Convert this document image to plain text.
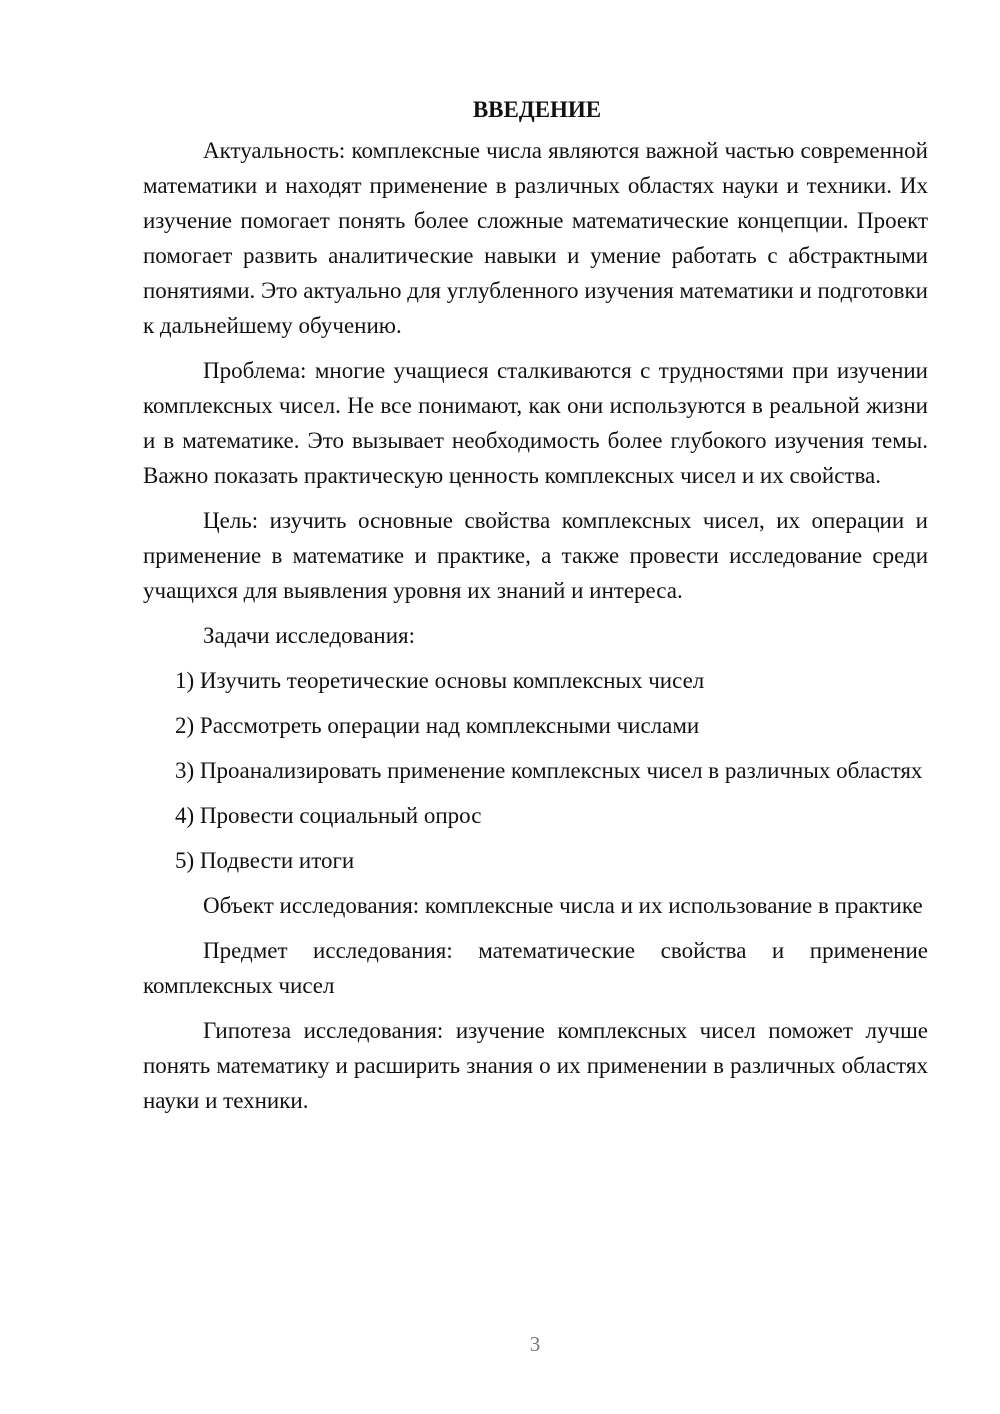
ВВЕДЕНИЕ

Актуальность: комплексные числа являются важной частью современной математики и находят применение в различных областях науки и техники. Их изучение помогает понять более сложные математические концепции. Проект помогает развить аналитические навыки и умение работать с абстрактными понятиями. Это актуально для углубленного изучения математики и подготовки к дальнейшему обучению.

Проблема: многие учащиеся сталкиваются с трудностями при изучении комплексных чисел. Не все понимают, как они используются в реальной жизни и в математике. Это вызывает необходимость более глубокого изучения темы. Важно показать практическую ценность комплексных чисел и их свойства.

Цель: изучить основные свойства комплексных чисел, их операции и применение в математике и практике, а также провести исследование среди учащихся для выявления уровня их знаний и интереса.

Задачи исследования:

1) Изучить теоретические основы комплексных чисел

2) Рассмотреть операции над комплексными числами

3) Проанализировать применение комплексных чисел в различных областях

4) Провести социальный опрос

5) Подвести итоги

Объект исследования: комплексные числа и их использование в практике

Предмет исследования: математические свойства и применение комплексных чисел

Гипотеза исследования: изучение комплексных чисел поможет лучше понять математику и расширить знания о их применении в различных областях науки и техники.

3
